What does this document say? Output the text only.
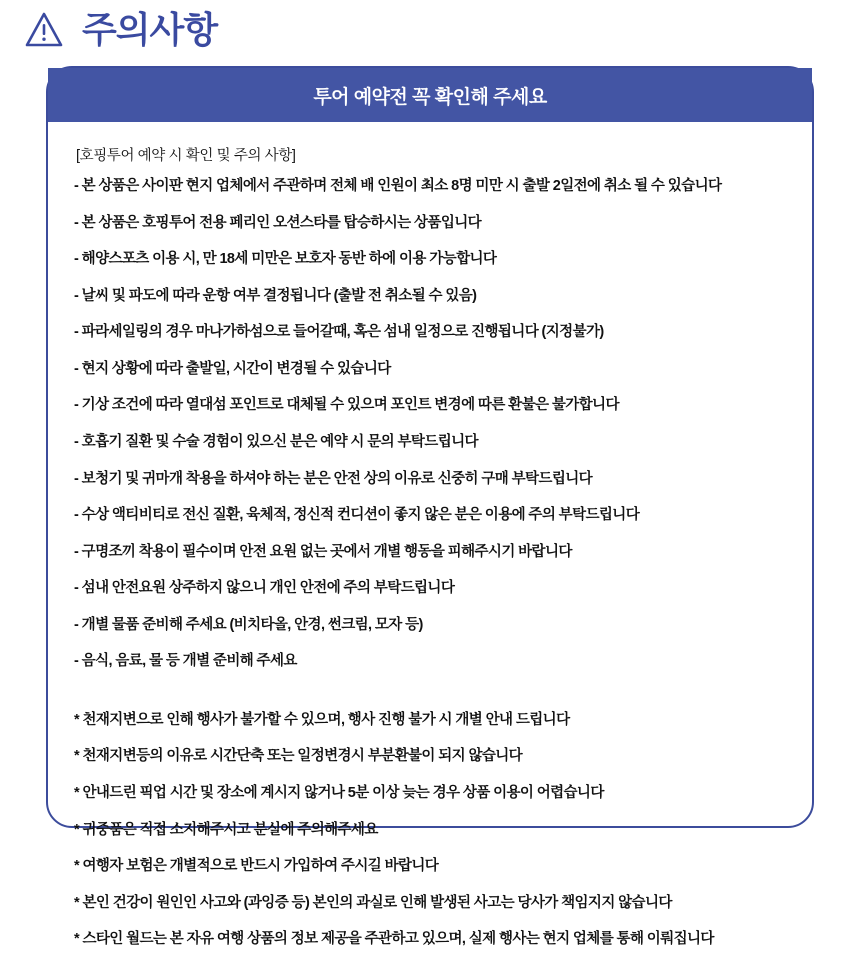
주의사항
투어 예약전 꼭 확인해 주세요
[호핑투어 예약 시 확인 및 주의 사항]
- 본 상품은 사이판 현지 업체에서 주관하며 전체 배 인원이 최소 8명 미만 시 출발 2일전에 취소 될 수 있습니다
- 본 상품은 호핑투어 전용 페리인 오션스타를 탑승하시는 상품입니다
- 해양스포츠 이용 시, 만 18세 미만은 보호자 동반 하에 이용 가능합니다
- 날씨 및 파도에 따라 운항 여부 결정됩니다 (출발 전 취소될 수 있음)
- 파라세일링의 경우 마나가하섬으로 들어갈때, 혹은 섬내 일정으로 진행됩니다 (지정불가)
- 현지 상황에 따라 출발일, 시간이 변경될 수 있습니다
- 기상 조건에 따라 열대섬 포인트로 대체될 수 있으며 포인트 변경에 따른 환불은 불가합니다
- 호흡기 질환 및 수술 경험이 있으신 분은 예약 시 문의 부탁드립니다
- 보청기 및 귀마개 착용을 하셔야 하는 분은 안전 상의 이유로 신중히 구매 부탁드립니다
- 수상 액티비티로 전신 질환, 육체적, 정신적 컨디션이 좋지 않은 분은 이용에 주의 부탁드립니다
- 구명조끼 착용이 필수이며 안전 요원 없는 곳에서 개별 행동을 피해주시기 바랍니다
- 섬내 안전요원 상주하지 않으니 개인 안전에 주의 부탁드립니다
- 개별 물품 준비해 주세요 (비치타올, 안경, 썬크림, 모자 등)
- 음식, 음료, 물 등 개별 준비해 주세요
* 천재지변으로 인해 행사가 불가할 수 있으며, 행사 진행 불가 시 개별 안내 드립니다
* 천재지변등의 이유로 시간단축 또는 일정변경시 부분환불이 되지 않습니다
* 안내드린 픽업 시간 및 장소에 계시지 않거나 5분 이상 늦는 경우 상품 이용이 어렵습니다
* 귀중품은 직접 소지해주시고 분실에 주의해주세요
* 여행자 보험은 개별적으로 반드시 가입하여 주시길 바랍니다
* 본인 건강이 원인인 사고와 (과잉증 등) 본인의 과실로 인해 발생된 사고는 당사가 책임지지 않습니다
* 스타인 월드는 본 자유 여행 상품의 정보 제공을 주관하고 있으며, 실제 행사는 현지 업체를 통해 이뤄집니다
